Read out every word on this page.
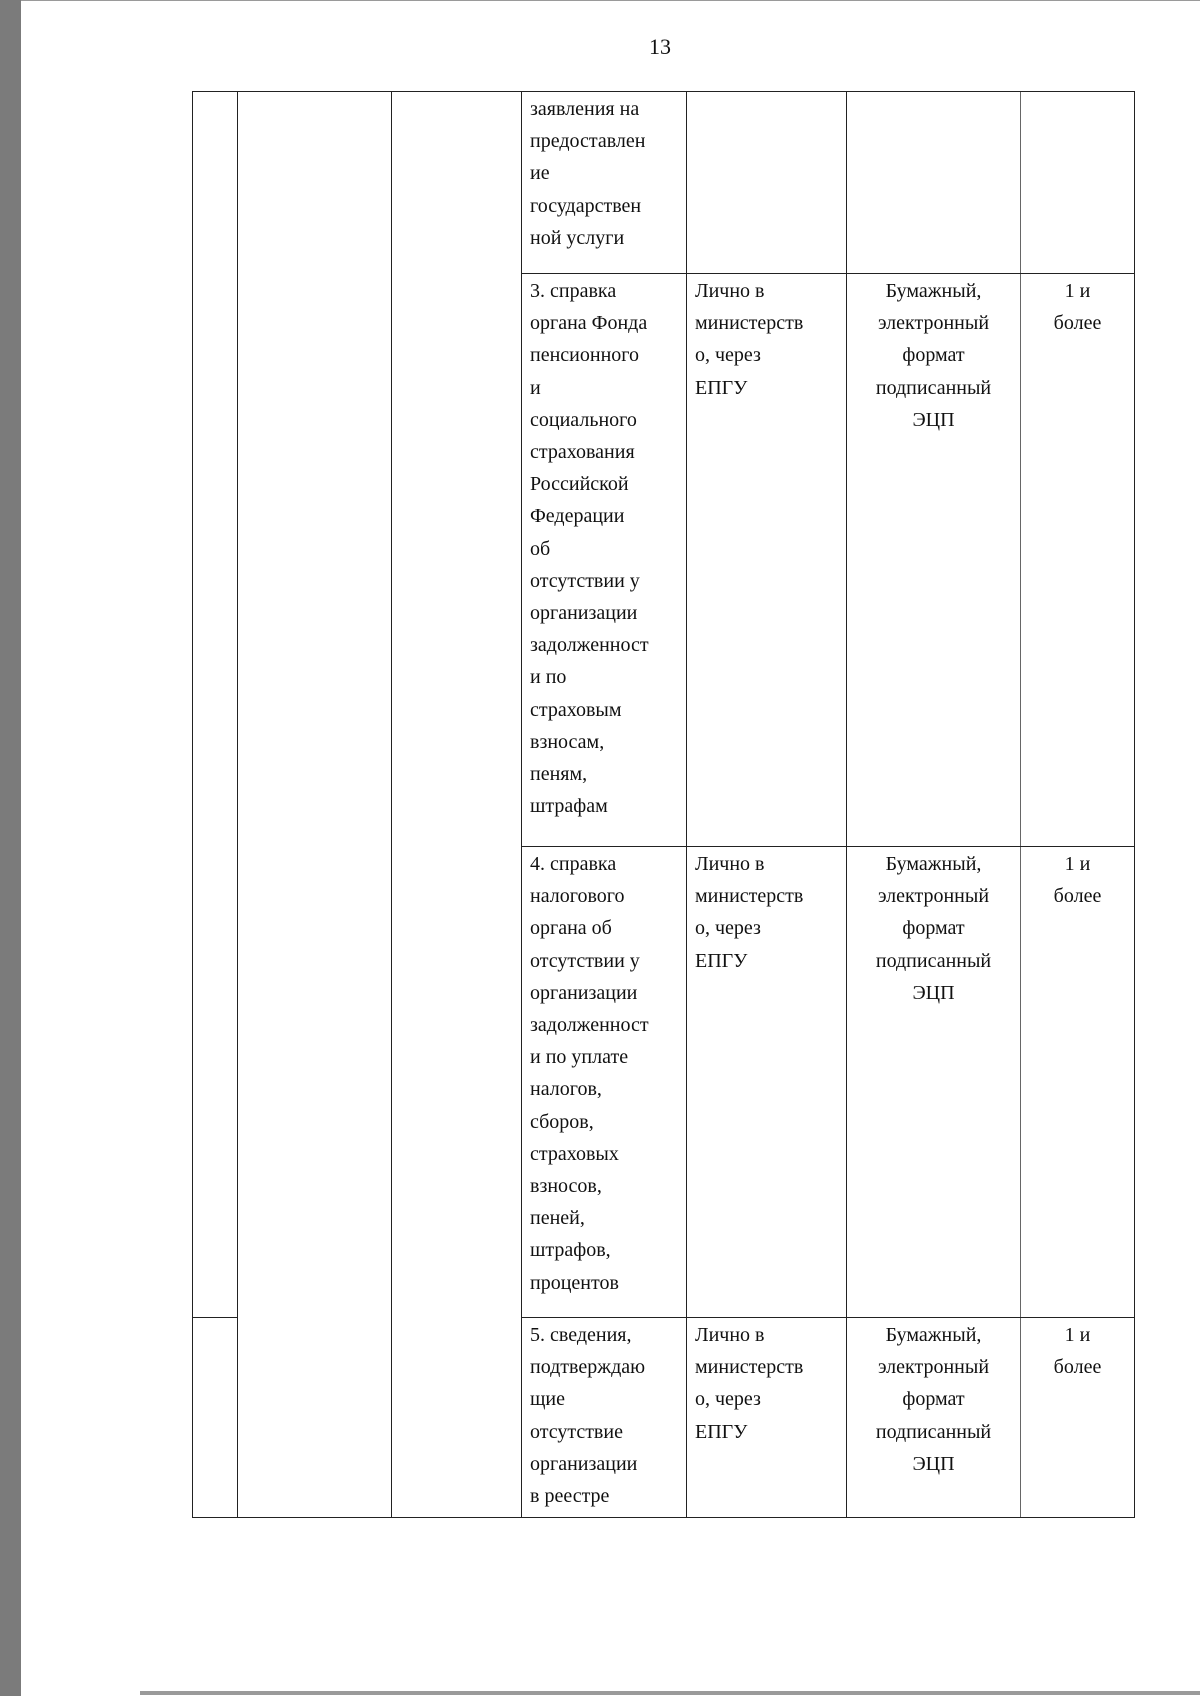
13
заявления на
предоставлен
ие
государствен
ной услуги
3. справка
органа Фонда
пенсионного
и
социального
страхования
Российской
Федерации
об
отсутствии у
организации
задолженност
и по
страховым
взносам,
пеням,
штрафам
Лично в
министерств
о, через
ЕПГУ
Бумажный,
электронный
формат
подписанный
ЭЦП
1 и
более
4. справка
налогового
органа об
отсутствии у
организации
задолженност
и по уплате
налогов,
сборов,
страховых
взносов,
пеней,
штрафов,
процентов
Лично в
министерств
о, через
ЕПГУ
Бумажный,
электронный
формат
подписанный
ЭЦП
1 и
более
5. сведения,
подтверждаю
щие
отсутствие
организации
в реестре
Лично в
министерств
о, через
ЕПГУ
Бумажный,
электронный
формат
подписанный
ЭЦП
1 и
более
